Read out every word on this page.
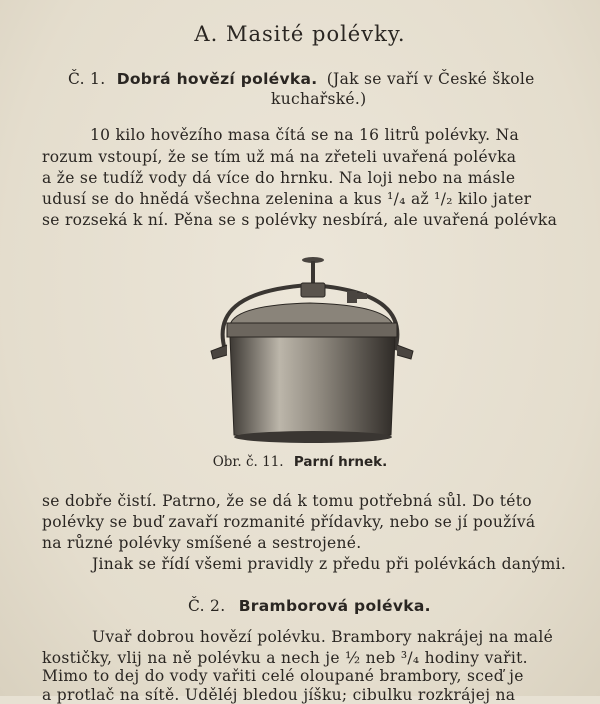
A. Masité polévky.
Č. 1. Dobrá hovězí polévka. (Jak se vaří v České škole
kuchařské.)
10 kilo hovězího masa čítá se na 16 litrů polévky. Na
rozum vstoupí, že se tím už má na zřeteli uvařená polévka
a že se tudíž vody dá více do hrnku. Na loji nebo na másle
udusí se do hnědá všechna zelenina a kus ¹/₄ až ¹/₂ kilo jater
se rozseká k ní. Pěna se s polévky nesbírá, ale uvařená polévka
Obr. č. 11. Parní hrnek.
se dobře čistí. Patrno, že se dá k tomu potřebná sůl. Do této
polévky se buď zavaří rozmanité přídavky, nebo se jí používá
na různé polévky smíšené a sestrojené.
Jinak se řídí všemi pravidly z předu při polévkách danými.
Č. 2. Bramborová polévka.
Uvař dobrou hovězí polévku. Brambory nakrájej na malé
kostičky, vlij na ně polévku a nech je ½ neb ³/₄ hodiny vařit.
Mimo to dej do vody vařiti celé oloupané brambory, sceď je
a protlač na sítě. Uděléj bledou jíšku; cibulku rozkrájej na
